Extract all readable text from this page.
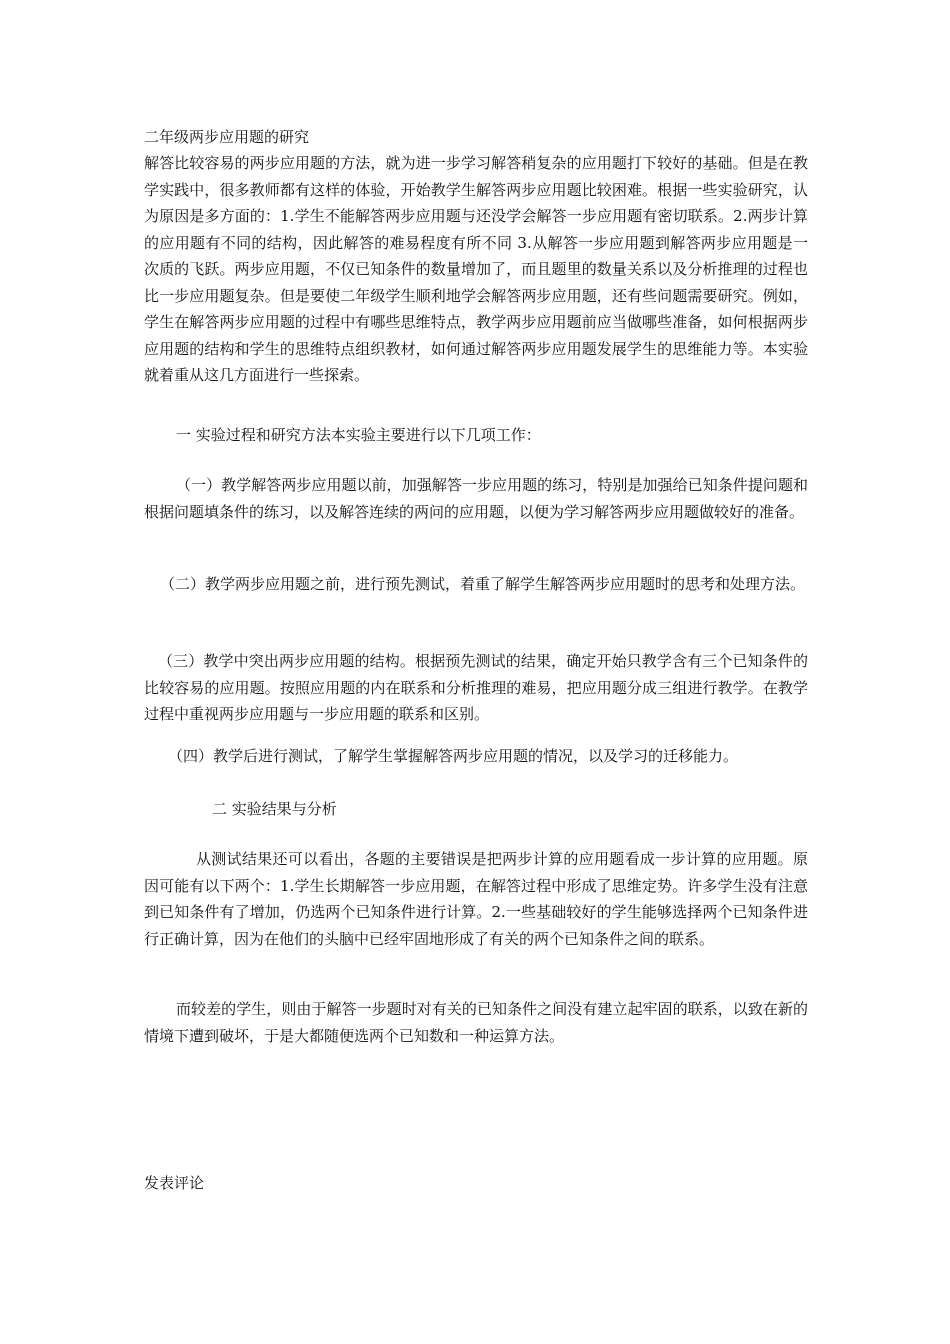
二年级两步应用题的研究

解答比较容易的两步应用题的方法，就为进一步学习解答稍复杂的应用题打下较好的基础。但是在教学实践中，很多教师都有这样的体验，开始教学生解答两步应用题比较困难。根据一些实验研究，认为原因是多方面的：1.学生不能解答两步应用题与还没学会解答一步应用题有密切联系。2.两步计算的应用题有不同的结构，因此解答的难易程度有所不同 3.从解答一步应用题到解答两步应用题是一次质的飞跃。两步应用题，不仅已知条件的数量增加了，而且题里的数量关系以及分析推理的过程也比一步应用题复杂。但是要使二年级学生顺利地学会解答两步应用题，还有些问题需要研究。例如，学生在解答两步应用题的过程中有哪些思维特点，教学两步应用题前应当做哪些准备，如何根据两步应用题的结构和学生的思维特点组织教材，如何通过解答两步应用题发展学生的思维能力等。本实验就着重从这几方面进行一些探索。

一 实验过程和研究方法本实验主要进行以下几项工作：

（一）教学解答两步应用题以前，加强解答一步应用题的练习，特别是加强给已知条件提问题和根据问题填条件的练习，以及解答连续的两问的应用题，以便为学习解答两步应用题做较好的准备。

（二）教学两步应用题之前，进行预先测试，着重了解学生解答两步应用题时的思考和处理方法。

（三）教学中突出两步应用题的结构。根据预先测试的结果，确定开始只教学含有三个已知条件的比较容易的应用题。按照应用题的内在联系和分析推理的难易，把应用题分成三组进行教学。在教学过程中重视两步应用题与一步应用题的联系和区别。

（四）教学后进行测试，了解学生掌握解答两步应用题的情况，以及学习的迁移能力。

二 实验结果与分析

从测试结果还可以看出，各题的主要错误是把两步计算的应用题看成一步计算的应用题。原因可能有以下两个：1.学生长期解答一步应用题，在解答过程中形成了思维定势。许多学生没有注意到已知条件有了增加，仍选两个已知条件进行计算。2.一些基础较好的学生能够选择两个已知条件进行正确计算，因为在他们的头脑中已经牢固地形成了有关的两个已知条件之间的联系。

而较差的学生，则由于解答一步题时对有关的已知条件之间没有建立起牢固的联系，以致在新的情境下遭到破坏，于是大都随便选两个已知数和一种运算方法。

发表评论
